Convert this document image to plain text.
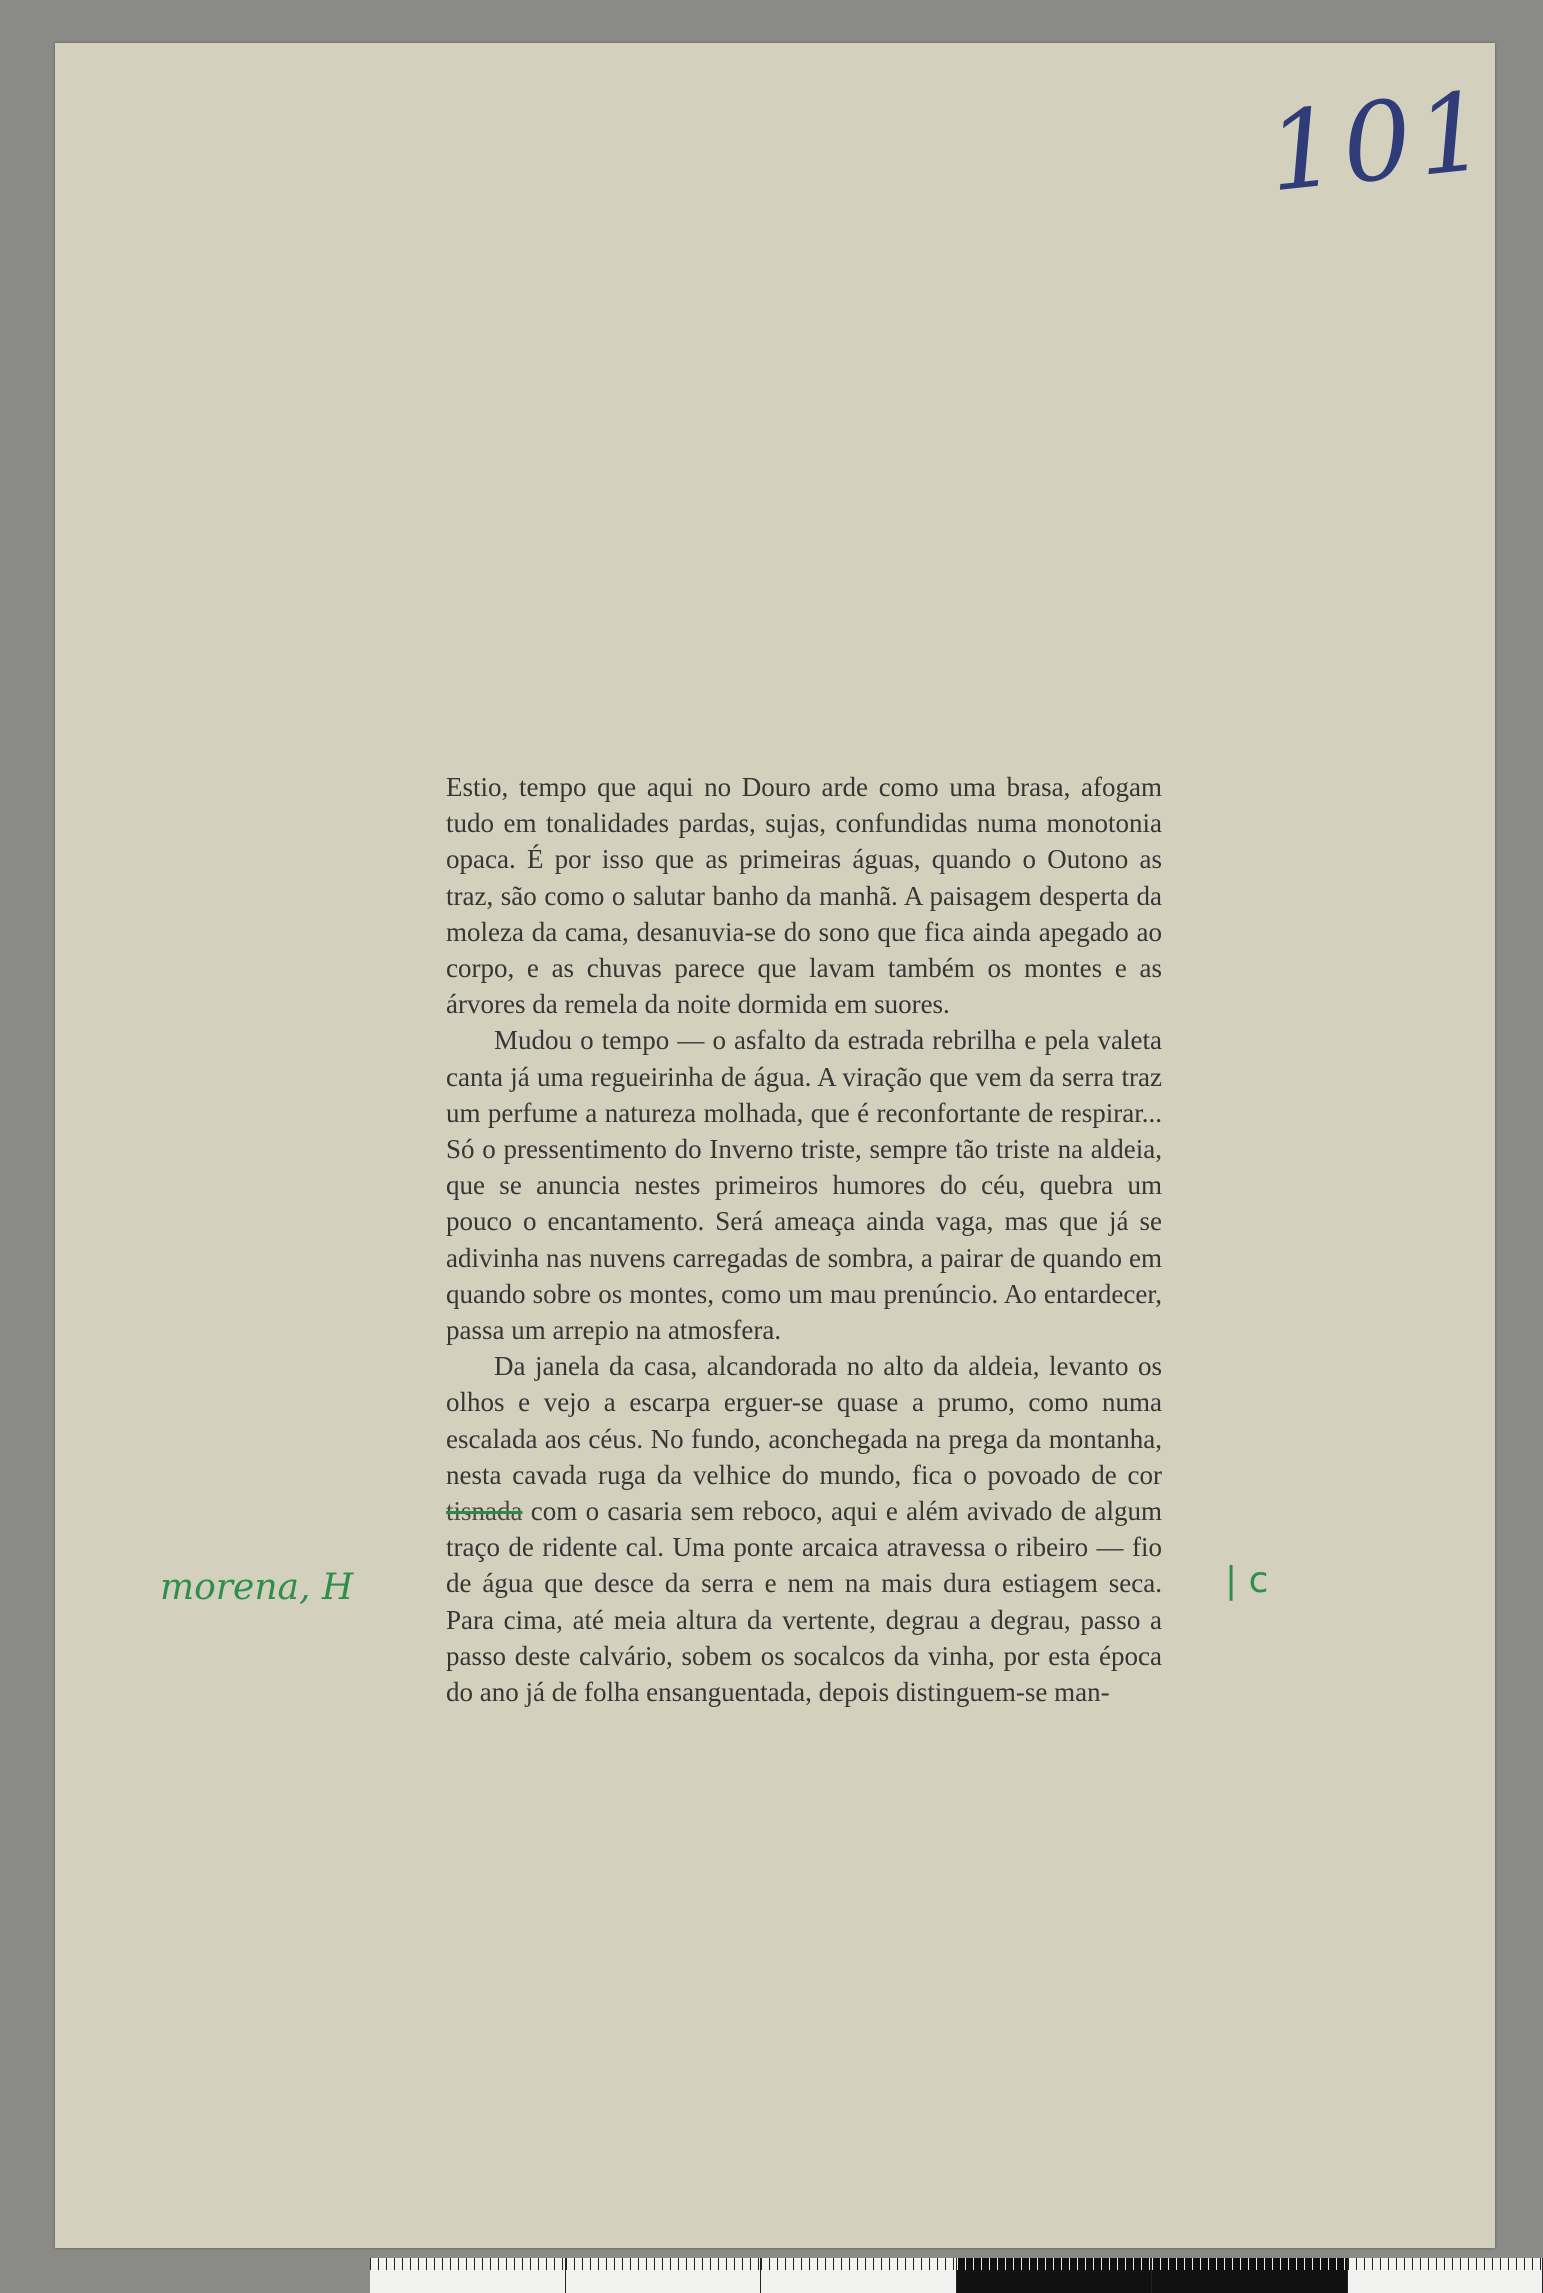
101

Estio, tempo que aqui no Douro arde como uma brasa, afogam tudo em tonalidades pardas, sujas, confundidas numa monotonia opaca. É por isso que as primeiras águas, quando o Outono as traz, são como o salutar banho da manhã. A paisagem desperta da moleza da cama, desanuvia-se do sono que fica ainda apegado ao corpo, e as chuvas parece que lavam também os montes e as árvores da remela da noite dormida em suores.

Mudou o tempo — o asfalto da estrada rebrilha e pela valeta canta já uma regueirinha de água. A viração que vem da serra traz um perfume a natureza molhada, que é reconfortante de respirar... Só o pressentimento do Inverno triste, sempre tão triste na aldeia, que se anuncia nestes primeiros humores do céu, quebra um pouco o encantamento. Será ameaça ainda vaga, mas que já se adivinha nas nuvens carregadas de sombra, a pairar de quando em quando sobre os montes, como um mau prenúncio. Ao entardecer, passa um arrepio na atmosfera.

Da janela da casa, alcandorada no alto da aldeia, levanto os olhos e vejo a escarpa erguer-se quase a prumo, como numa escalada aos céus. No fundo, aconchegada na prega da montanha, nesta cavada ruga da velhice do mundo, fica o povoado de cor tisnada com o casaria sem reboco, aqui e além avivado de algum traço de ridente cal. Uma ponte arcaica atravessa o ribeiro — fio de água que desce da serra e nem na mais dura estiagem seca. Para cima, até meia altura da vertente, degrau a degrau, passo a passo deste calvário, sobem os socalcos da vinha, por esta época do ano já de folha ensanguentada, depois distinguem-se man-

morena, H	| c
